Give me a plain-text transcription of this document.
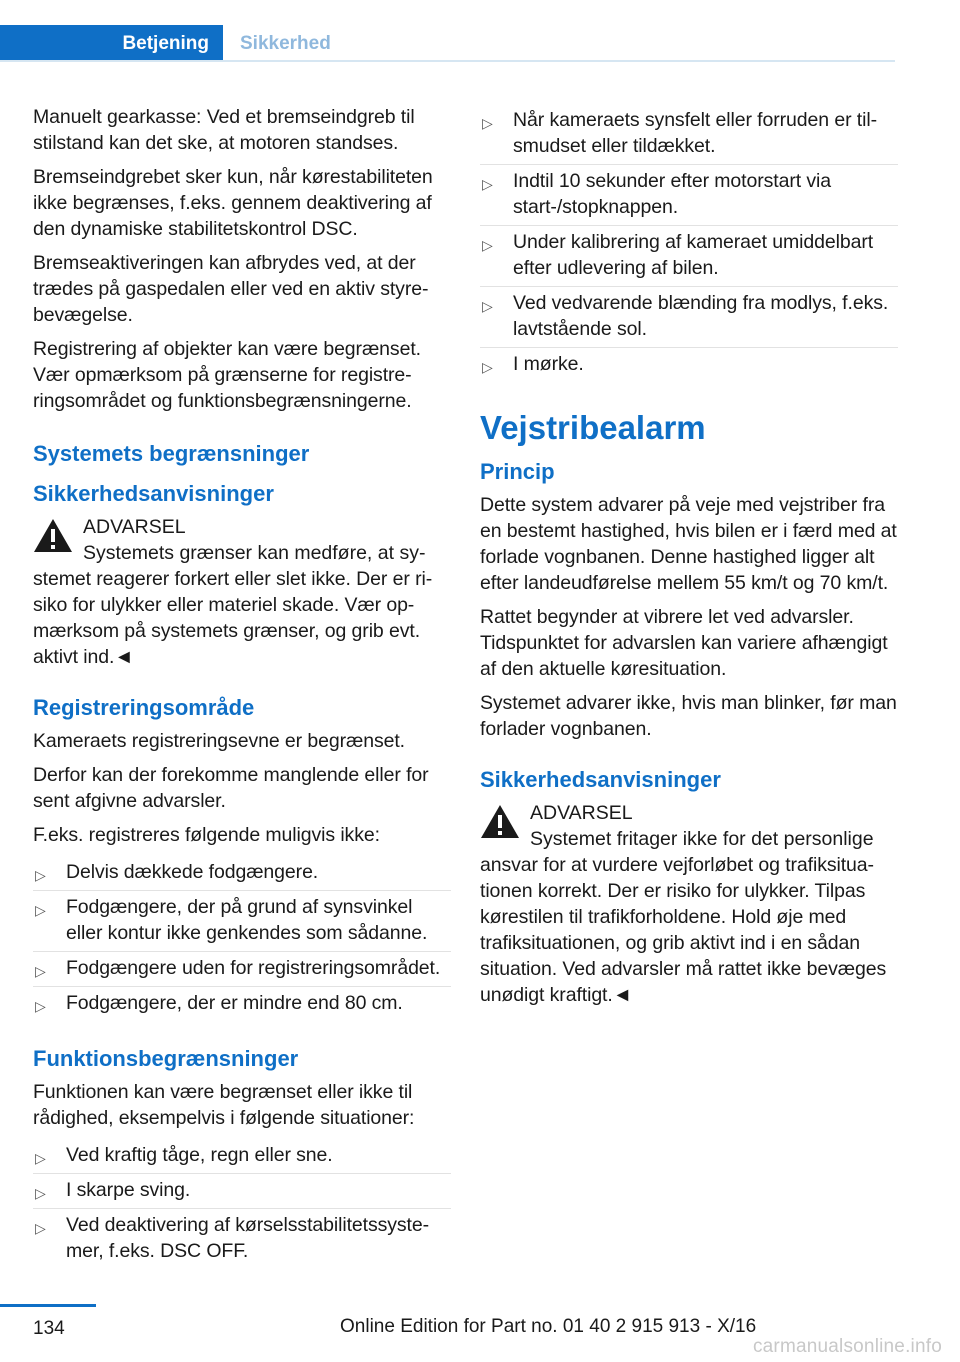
Betjening	Sikkerhed

Manuelt gearkasse: Ved et bremseindgreb til stilstand kan det ske, at motoren standses.

Bremseindgrebet sker kun, når kørestabiliteten ikke begrænses, f.eks. gennem deaktivering af den dynamiske stabilitetskontrol DSC.

Bremseaktiveringen kan afbrydes ved, at der trædes på gaspedalen eller ved en aktiv styrebevægelse.

Registrering af objekter kan være begrænset. Vær opmærksom på grænserne for registreringsområdet og funktionsbegrænsningerne.

Systemets begrænsninger
Sikkerhedsanvisninger
ADVARSEL
Systemets grænser kan medføre, at sy‐

stemet reagerer forkert eller slet ikke. Der er ri‐ siko for ulykker eller materiel skade. Vær op‐ mærksom på systemets grænser, og grib evt. aktivt ind.◄

Registreringsområde

Kameraets registreringsevne er begrænset.

Derfor kan der forekomme manglende eller for sent afgivne advarsler.

F.eks. registreres følgende muligvis ikke:

▷ Delvis dækkede fodgængere.
▷ Fodgængere, der på grund af synsvinkel eller kontur ikke genkendes som sådanne.
▷ Fodgængere uden for registreringsområdet.
▷ Fodgængere, der er mindre end 80 cm.
Funktionsbegrænsninger

Funktionen kan være begrænset eller ikke til rådighed, eksempelvis i følgende situationer:

▷ Ved kraftig tåge, regn eller sne.
▷ I skarpe sving.
▷ Ved deaktivering af kørselsstabilitetssystemer, f.eks. DSC OFF.
▷ Når kameraets synsfelt eller forruden er tilsmudset eller tildækket.
▷ Indtil 10 sekunder efter motorstart via start-/stopknappen.
▷ Under kalibrering af kameraet umiddelbart efter udlevering af bilen.
▷ Ved vedvarende blænding fra modlys, f.eks. lavtstående sol.
▷ I mørke.
Vejstribealarm
Princip

Dette system advarer på veje med vejstriber fra en bestemt hastighed, hvis bilen er i færd med at forlade vognbanen. Denne hastighed ligger alt efter landeudførelse mellem 55 km/t og 70 km/t.

Rattet begynder at vibrere let ved advarsler. Tidspunktet for advarslen kan variere afhængigt af den aktuelle køresituation.

Systemet advarer ikke, hvis man blinker, før man forlader vognbanen.

Sikkerhedsanvisninger
ADVARSEL
Systemet fritager ikke for det personlige

ansvar for at vurdere vejforløbet og trafiksituationen korrekt. Der er risiko for ulykker. Tilpas kørestilen til trafikforholdene. Hold øje med trafiksituationen, og grib aktivt ind i en sådan situation. Ved advarsler må rattet ikke bevæges unødigt kraftigt.◄

134	Online Edition for Part no. 01 40 2 915 913 - X/16
carmanualsonline.info
